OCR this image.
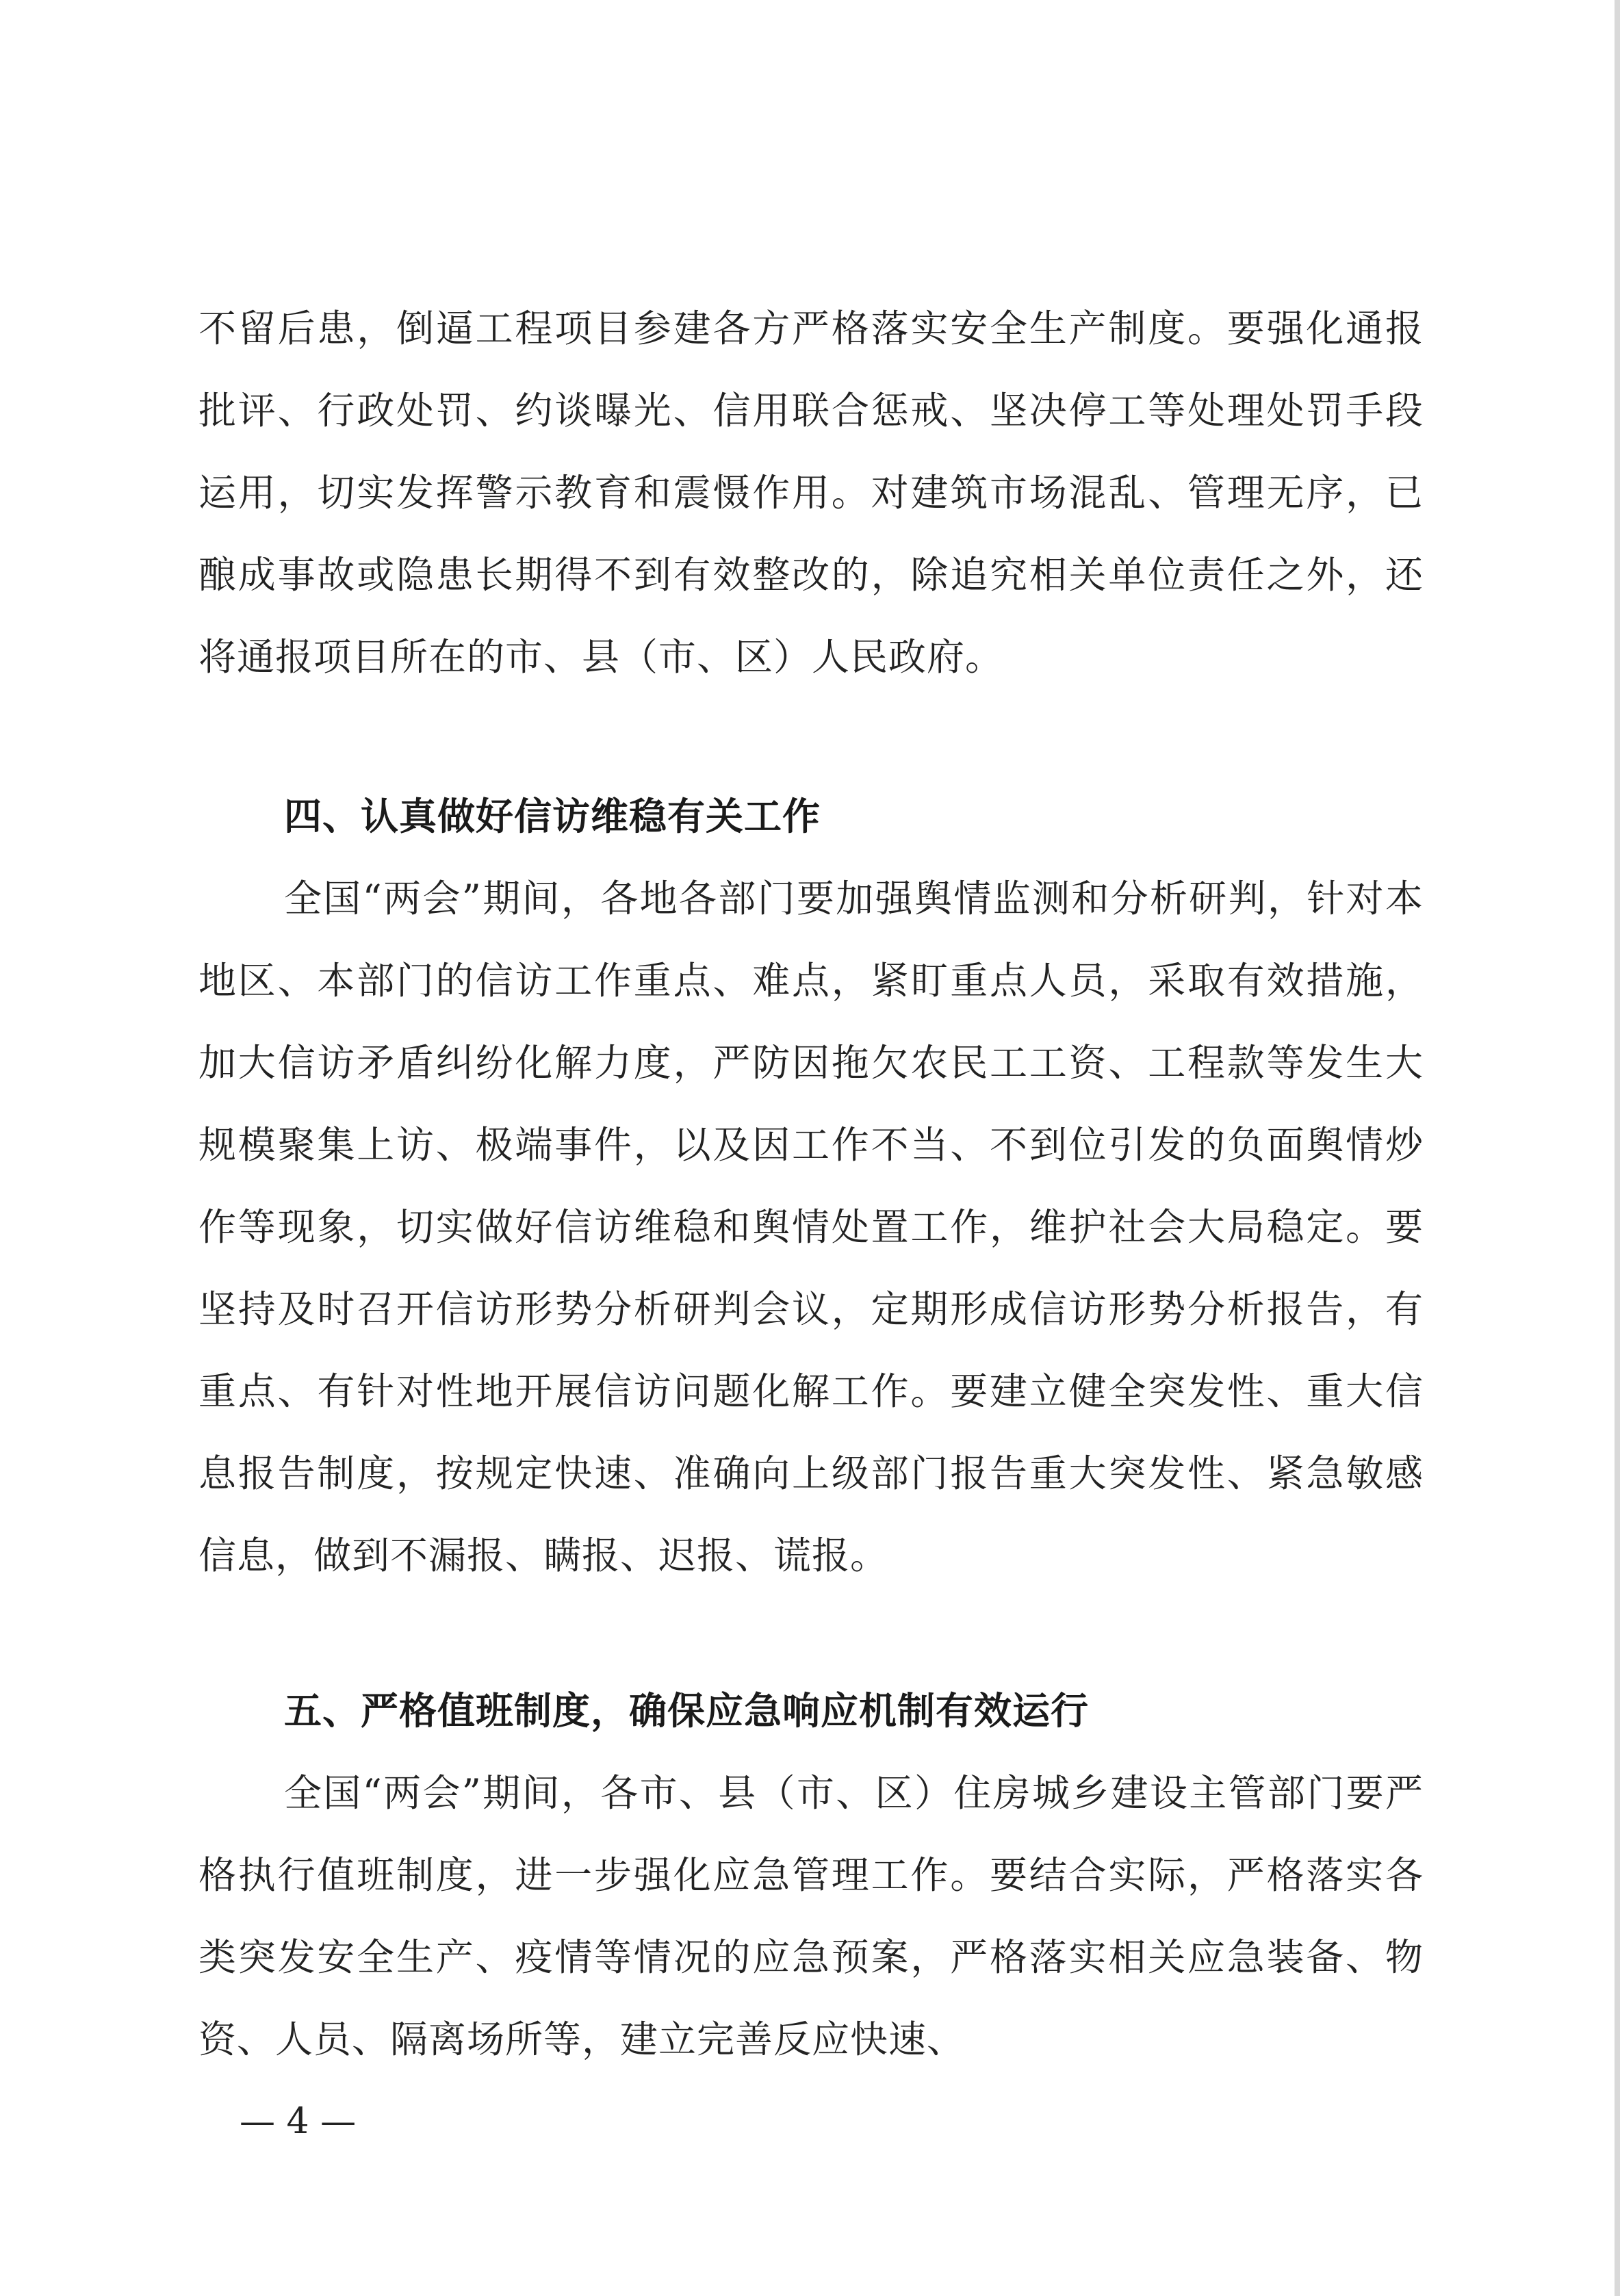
不留后患，倒逼工程项目参建各方严格落实安全生产制度。要强化通报批评、行政处罚、约谈曝光、信用联合惩戒、坚决停工等处理处罚手段运用，切实发挥警示教育和震慑作用。对建筑市场混乱、管理无序，已酿成事故或隐患长期得不到有效整改的，除追究相关单位责任之外，还将通报项目所在的市、县（市、区）人民政府。

四、认真做好信访维稳有关工作

全国“两会”期间，各地各部门要加强舆情监测和分析研判，针对本地区、本部门的信访工作重点、难点，紧盯重点人员，采取有效措施，加大信访矛盾纠纷化解力度，严防因拖欠农民工工资、工程款等发生大规模聚集上访、极端事件，以及因工作不当、不到位引发的负面舆情炒作等现象，切实做好信访维稳和舆情处置工作，维护社会大局稳定。要坚持及时召开信访形势分析研判会议，定期形成信访形势分析报告，有重点、有针对性地开展信访问题化解工作。要建立健全突发性、重大信息报告制度，按规定快速、准确向上级部门报告重大突发性、紧急敏感信息，做到不漏报、瞒报、迟报、谎报。

五、严格值班制度，确保应急响应机制有效运行

全国“两会”期间，各市、县（市、区）住房城乡建设主管部门要严格执行值班制度，进一步强化应急管理工作。要结合实际，严格落实各类突发安全生产、疫情等情况的应急预案，严格落实相关应急装备、物资、人员、隔离场所等，建立完善反应快速、

— 4 —
